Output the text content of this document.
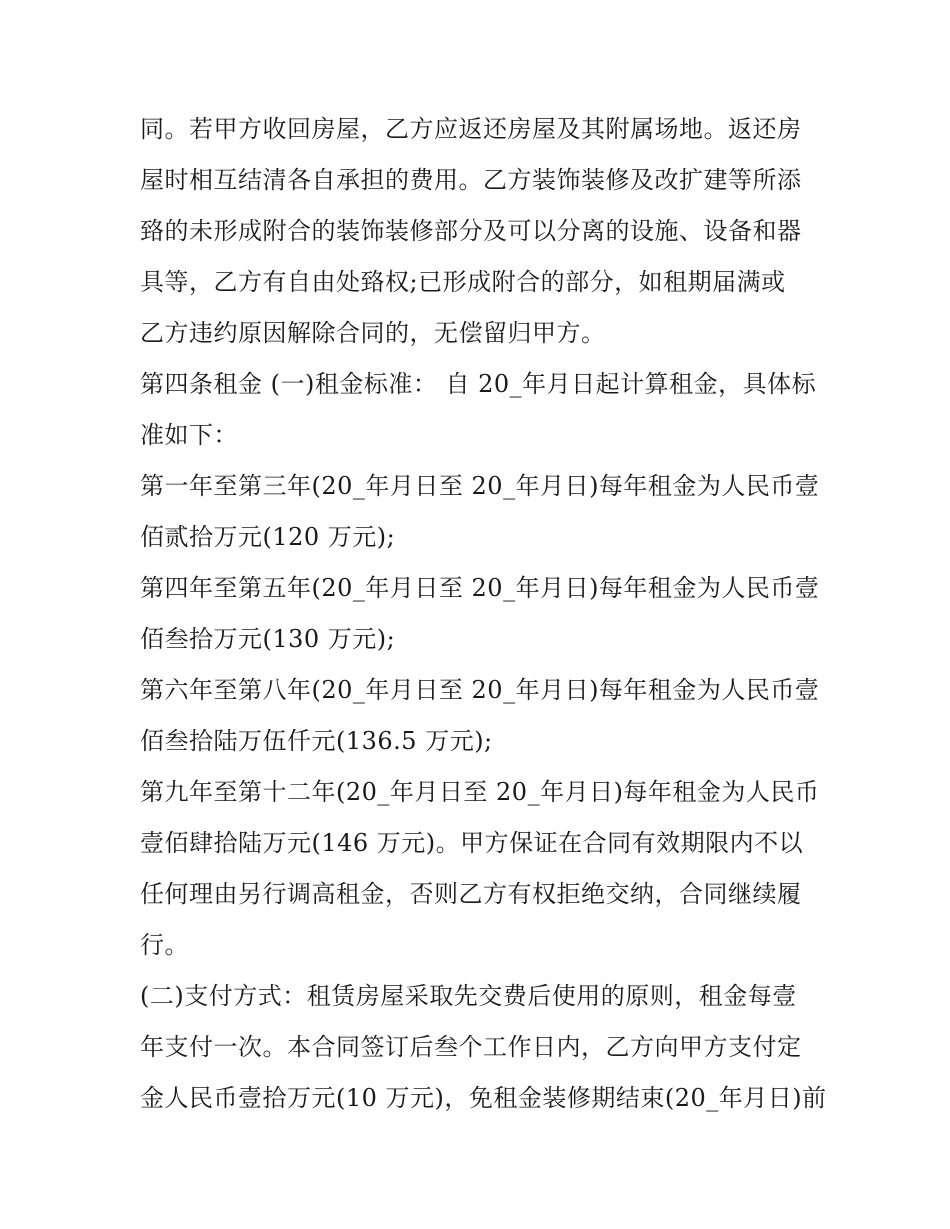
同。若甲方收回房屋，乙方应返还房屋及其附属场地。返还房
屋时相互结清各自承担的费用。乙方装饰装修及改扩建等所添
臵的未形成附合的装饰装修部分及可以分离的设施、设备和器
具等，乙方有自由处臵权;已形成附合的部分，如租期届满或
乙方违约原因解除合同的，无偿留归甲方。
第四条租金 (一)租金标准： 自 20_年月日起计算租金，具体标
准如下：
第一年至第三年(20_年月日至 20_年月日)每年租金为人民币壹
佰贰拾万元(120 万元);
第四年至第五年(20_年月日至 20_年月日)每年租金为人民币壹
佰叁拾万元(130 万元);
第六年至第八年(20_年月日至 20_年月日)每年租金为人民币壹
佰叁拾陆万伍仟元(136.5 万元);
第九年至第十二年(20_年月日至 20_年月日)每年租金为人民币
壹佰肆拾陆万元(146 万元)。甲方保证在合同有效期限内不以
任何理由另行调高租金，否则乙方有权拒绝交纳，合同继续履
行。
(二)支付方式：租赁房屋采取先交费后使用的原则，租金每壹
年支付一次。本合同签订后叁个工作日内，乙方向甲方支付定
金人民币壹拾万元(10 万元)，免租金装修期结束(20_年月日)前
